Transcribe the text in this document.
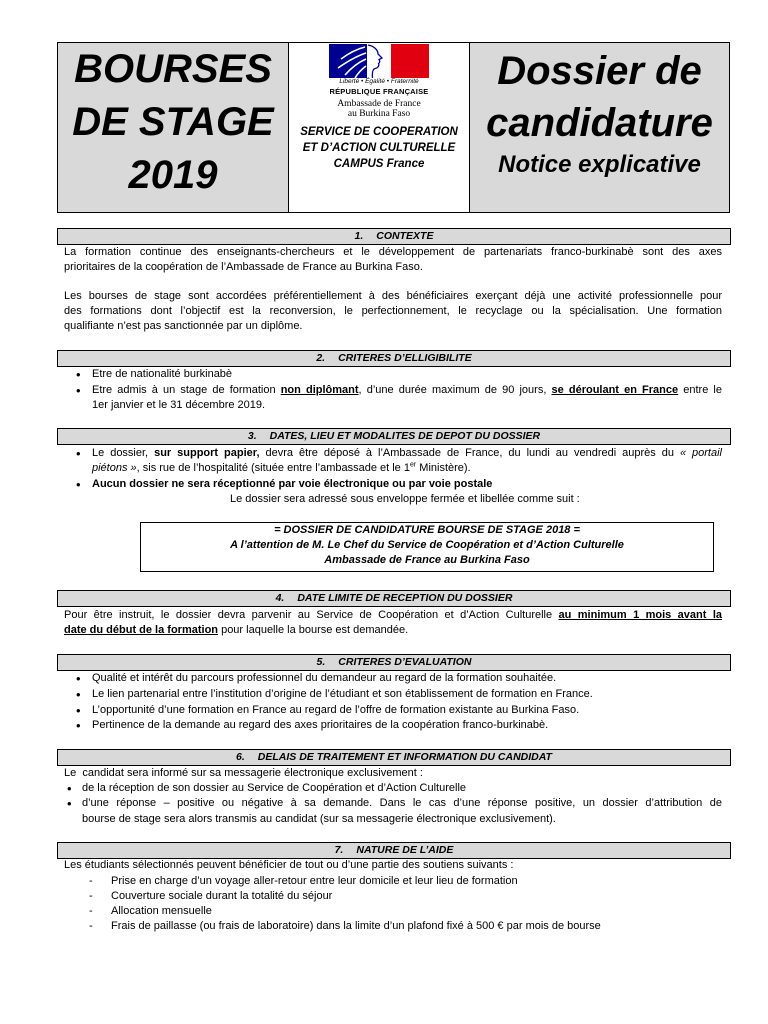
BOURSES
DE STAGE
2019
Liberté • Égalité • Fraternité
RÉPUBLIQUE FRANÇAISE
Ambassade de France
au Burkina Faso
SERVICE DE COOPERATION
ET D’ACTION CULTURELLE
CAMPUS France
Dossier de
candidature
Notice explicative
1. CONTEXTE
La formation continue des enseignants-chercheurs et le développement de partenariats franco-burkinabè sont des axes
prioritaires de la coopération de l’Ambassade de France au Burkina Faso.
Les bourses de stage sont accordées préférentiellement à des bénéficiaires exerçant déjà une activité professionnelle pour
des formations dont l’objectif est la reconversion, le perfectionnement, le recyclage ou la spécialisation. Une formation
qualifiante n’est pas sanctionnée par un diplôme.
2. CRITERES D’ELLIGIBILITE
• Etre de nationalité burkinabè
• Etre admis à un stage de formation non diplômant, d’une durée maximum de 90 jours, se déroulant en France entre le
1er janvier et le 31 décembre 2019.
3. DATES, LIEU ET MODALITES DE DEPOT DU DOSSIER
• Le dossier, sur support papier, devra être déposé à l’Ambassade de France, du lundi au vendredi auprès du « portail
piétons », sis rue de l’hospitalité (située entre l’ambassade et le 1er Ministère).
• Aucun dossier ne sera réceptionné par voie électronique ou par voie postale
Le dossier sera adressé sous enveloppe fermée et libellée comme suit :
= DOSSIER DE CANDIDATURE BOURSE DE STAGE 2018 =
A l’attention de M. Le Chef du Service de Coopération et d’Action Culturelle
Ambassade de France au Burkina Faso
4. DATE LIMITE DE RECEPTION DU DOSSIER
Pour être instruit, le dossier devra parvenir au Service de Coopération et d’Action Culturelle au minimum 1 mois avant la
date du début de la formation pour laquelle la bourse est demandée.
5. CRITERES D’EVALUATION
• Qualité et intérêt du parcours professionnel du demandeur au regard de la formation souhaitée.
• Le lien partenarial entre l’institution d’origine de l’étudiant et son établissement de formation en France.
• L’opportunité d’une formation en France au regard de l’offre de formation existante au Burkina Faso.
• Pertinence de la demande au regard des axes prioritaires de la coopération franco-burkinabè.
6. DELAIS DE TRAITEMENT ET INFORMATION DU CANDIDAT
Le  candidat sera informé sur sa messagerie électronique exclusivement :
• de la réception de son dossier au Service de Coopération et d’Action Culturelle
• d’une réponse – positive ou négative à sa demande. Dans le cas d’une réponse positive, un dossier d’attribution de
bourse de stage sera alors transmis au candidat (sur sa messagerie électronique exclusivement).
7. NATURE DE L’AIDE
Les étudiants sélectionnés peuvent bénéficier de tout ou d’une partie des soutiens suivants :
- Prise en charge d’un voyage aller-retour entre leur domicile et leur lieu de formation
- Couverture sociale durant la totalité du séjour
- Allocation mensuelle
- Frais de paillasse (ou frais de laboratoire) dans la limite d’un plafond fixé à 500 € par mois de bourse
